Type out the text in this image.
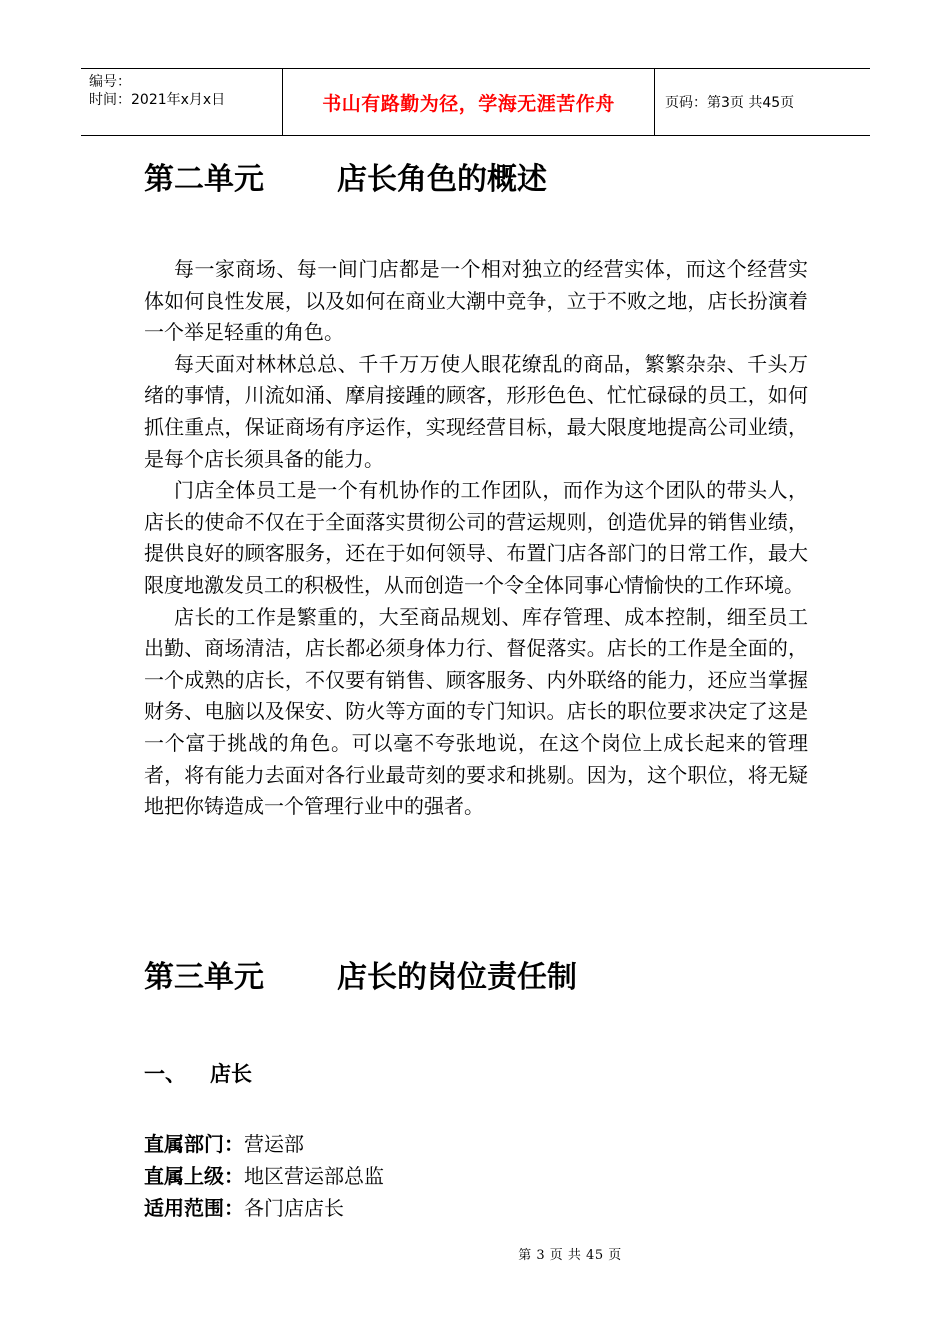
编号：
时间：2021年x月x日	书山有路勤为径，学海无涯苦作舟	页码：第3页 共45页
第二单元 店长角色的概述

每一家商场、每一间门店都是一个相对独立的经营实体，而这个经营实体如何良性发展，以及如何在商业大潮中竞争，立于不败之地，店长扮演着一个举足轻重的角色。

每天面对林林总总、千千万万使人眼花缭乱的商品，繁繁杂杂、千头万绪的事情，川流如涌、摩肩接踵的顾客，形形色色、忙忙碌碌的员工，如何抓住重点，保证商场有序运作，实现经营目标，最大限度地提高公司业绩，是每个店长须具备的能力。

门店全体员工是一个有机协作的工作团队，而作为这个团队的带头人，店长的使命不仅在于全面落实贯彻公司的营运规则，创造优异的销售业绩，提供良好的顾客服务，还在于如何领导、布置门店各部门的日常工作，最大限度地激发员工的积极性，从而创造一个令全体同事心情愉快的工作环境。

店长的工作是繁重的，大至商品规划、库存管理、成本控制，细至员工出勤、商场清洁，店长都必须身体力行、督促落实。店长的工作是全面的，一个成熟的店长，不仅要有销售、顾客服务、内外联络的能力，还应当掌握财务、电脑以及保安、防火等方面的专门知识。店长的职位要求决定了这是一个富于挑战的角色。可以毫不夸张地说，在这个岗位上成长起来的管理者，将有能力去面对各行业最苛刻的要求和挑剔。因为，这个职位，将无疑地把你铸造成一个管理行业中的强者。

第三单元 店长的岗位责任制
一、 店长
直属部门：营运部
直属上级：地区营运部总监
适用范围：各门店店长
第 3 页 共 45 页
